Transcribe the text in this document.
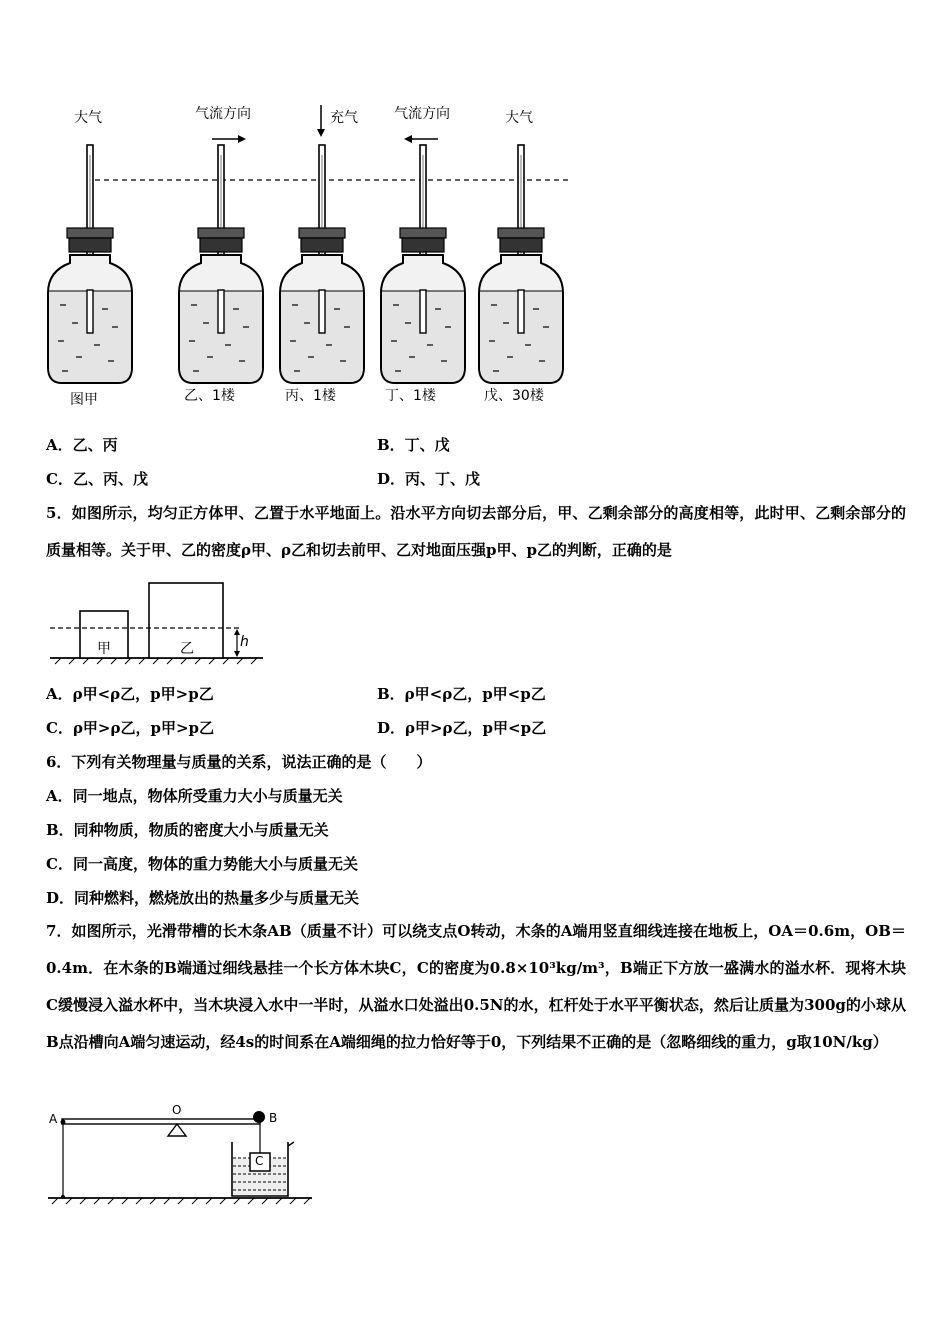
大气	气流方向	充气	气流方向	大气
图甲	乙、1楼	丙、1楼	丁、1楼	戊、30楼
A．乙、丙	B．丁、戊
C．乙、丙、戊	D．丙、丁、戊
5．如图所示，均匀正方体甲、乙置于水平地面上。沿水平方向切去部分后，甲、乙剩余部分的高度相等，此时甲、乙剩余部分的质量相等。关于甲、乙的密度ρ甲、ρ乙和切去前甲、乙对地面压强p甲、p乙的判断，正确的是
甲	乙	h
A．ρ甲<ρ乙，p甲>p乙	B．ρ甲<ρ乙，p甲<p乙
C．ρ甲>ρ乙，p甲>p乙	D．ρ甲>ρ乙，p甲<p乙
6．下列有关物理量与质量的关系，说法正确的是（　　）
A．同一地点，物体所受重力大小与质量无关
B．同种物质，物质的密度大小与质量无关
C．同一高度，物体的重力势能大小与质量无关
D．同种燃料，燃烧放出的热量多少与质量无关
7．如图所示，光滑带槽的长木条AB（质量不计）可以绕支点O转动，木条的A端用竖直细线连接在地板上，OA＝0.6m，OB＝0.4m．在木条的B端通过细线悬挂一个长方体木块C，C的密度为0.8×10³kg/m³，B端正下方放一盛满水的溢水杯．现将木块C缓慢浸入溢水杯中，当木块浸入水中一半时，从溢水口处溢出0.5N的水，杠杆处于水平平衡状态，然后让质量为300g的小球从B点沿槽向A端匀速运动，经4s的时间系在A端细绳的拉力恰好等于0，下列结果不正确的是（忽略细线的重力，g取10N/kg）
A
O
B
C
